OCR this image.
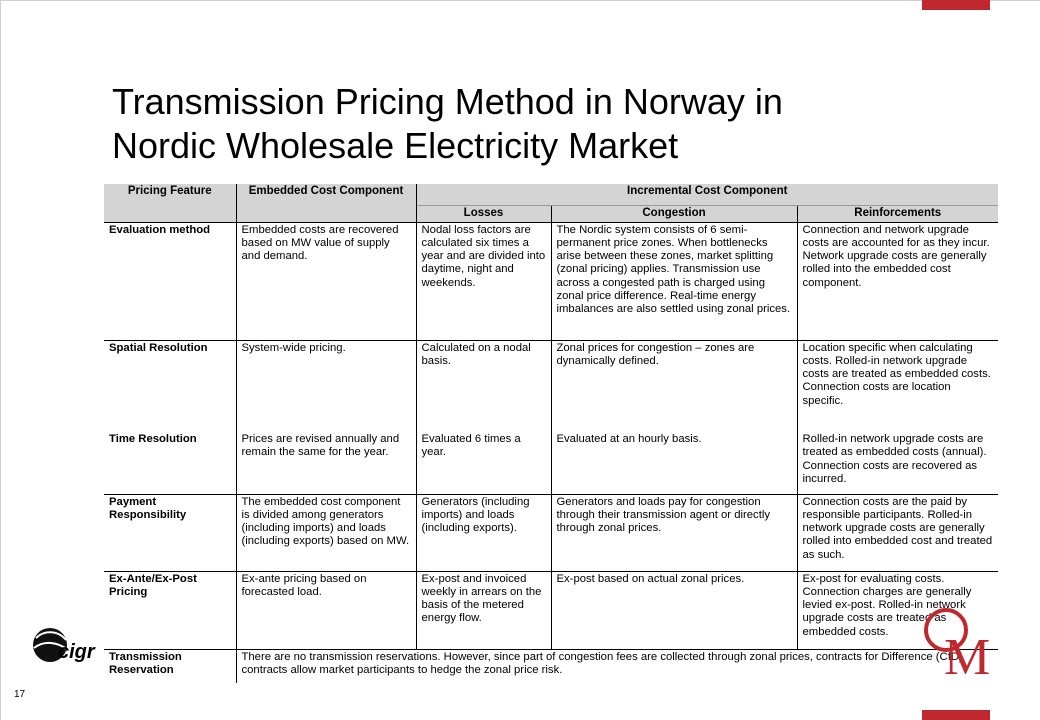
Transmission Pricing Method in Norway in
Nordic Wholesale Electricity Market
Pricing Feature	Embedded Cost Component	Incremental Cost Component		
		Losses	Congestion	Reinforcements
Evaluation method	Embedded costs are recovered based on MW value of supply and demand.	Nodal loss factors are calculated six times a year and are divided into daytime, night and weekends.	The Nordic system consists of 6 semi-permanent price zones. When bottlenecks arise between these zones, market splitting (zonal pricing) applies. Transmission use across a congested path is charged using zonal price difference. Real-time energy imbalances are also settled using zonal prices.	Connection and network upgrade costs are accounted for as they incur. Network upgrade costs are generally rolled into the embedded cost component.
Spatial Resolution	System-wide pricing.	Calculated on a nodal basis.	Zonal prices for congestion – zones are dynamically defined.	Location specific when calculating costs. Rolled-in network upgrade costs are treated as embedded costs. Connection costs are location specific.
Time Resolution	Prices are revised annually and remain the same for the year.	Evaluated 6 times a year.	Evaluated at an hourly basis.	Rolled-in network upgrade costs are treated as embedded costs (annual). Connection costs are recovered as incurred.
Payment Responsibility	The embedded cost component is divided among generators (including imports) and loads (including exports) based on MW.	Generators (including imports) and loads (including exports).	Generators and loads pay for congestion through their transmission agent or directly through zonal prices.	Connection costs are the paid by responsible participants. Rolled-in network upgrade costs are generally rolled into embedded cost and treated as such.
Ex-Ante/Ex-Post Pricing	Ex-ante pricing based on forecasted load.	Ex-post and invoiced weekly in arrears on the basis of the metered energy flow.	Ex-post based on actual zonal prices.	Ex-post for evaluating costs. Connection charges are generally levied ex-post. Rolled-in network upgrade costs are treated as embedded costs.
Transmission Reservation	There are no transmission reservations. However, since part of congestion fees are collected through zonal prices, contracts for Difference (CfD) contracts allow market participants to hedge the zonal price risk.			
cigr	M
17
